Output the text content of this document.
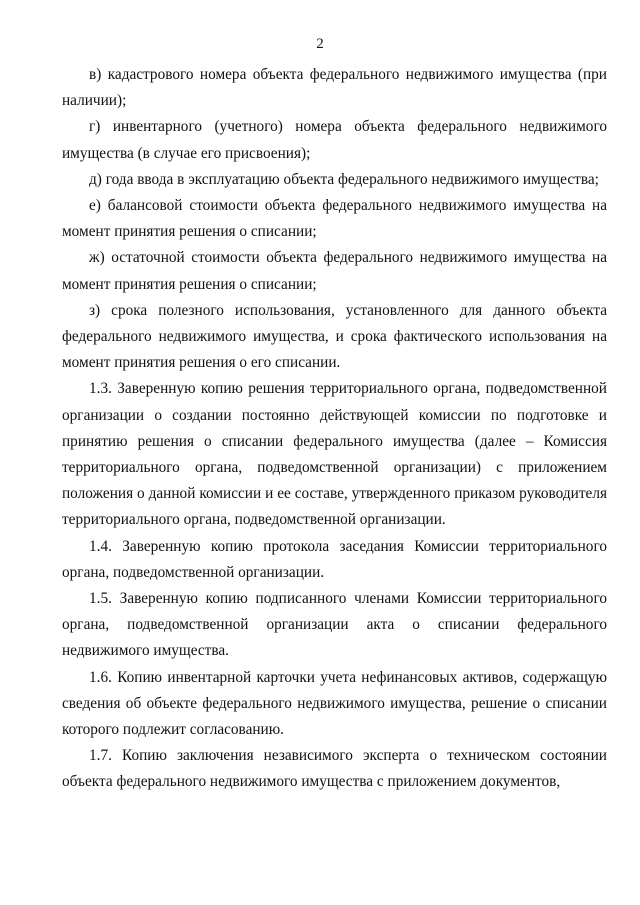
2

в) кадастрового номера объекта федерального недвижимого имущества (при наличии);

г) инвентарного (учетного) номера объекта федерального недвижимого имущества (в случае его присвоения);

д) года ввода в эксплуатацию объекта федерального недвижимого имущества;

е) балансовой стоимости объекта федерального недвижимого имущества на момент принятия решения о списании;

ж) остаточной стоимости объекта федерального недвижимого имущества на момент принятия решения о списании;

з) срока полезного использования, установленного для данного объекта федерального недвижимого имущества, и срока фактического использования на момент принятия решения о его списании.

1.3. Заверенную копию решения территориального органа, подведомственной организации о создании постоянно действующей комиссии по подготовке и принятию решения о списании федерального имущества (далее – Комиссия территориального органа, подведомственной организации) с приложением положения о данной комиссии и ее составе, утвержденного приказом руководителя территориального органа, подведомственной организации.

1.4. Заверенную копию протокола заседания Комиссии территориального органа, подведомственной организации.

1.5. Заверенную копию подписанного членами Комиссии территориального органа, подведомственной организации акта о списании федерального недвижимого имущества.

1.6. Копию инвентарной карточки учета нефинансовых активов, содержащую сведения об объекте федерального недвижимого имущества, решение о списании которого подлежит согласованию.

1.7. Копию заключения независимого эксперта о техническом состоянии объекта федерального недвижимого имущества с приложением документов,
